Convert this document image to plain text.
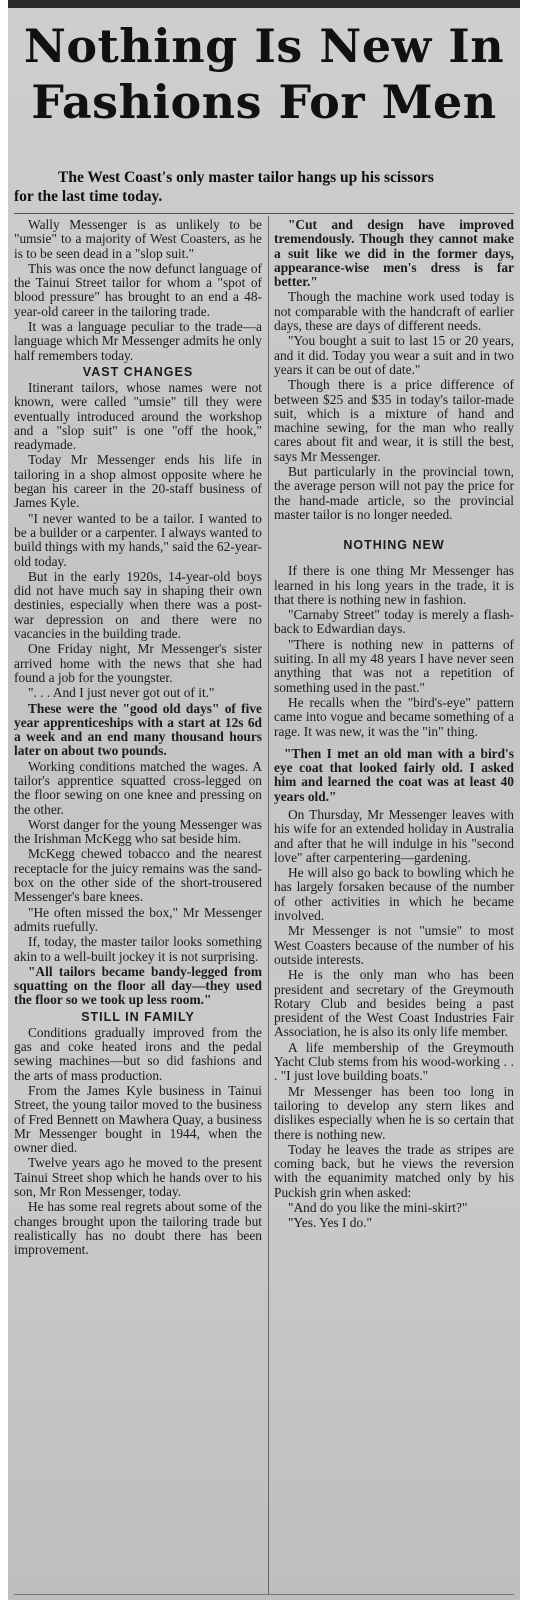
Nothing Is New In
Fashions For Men
The West Coast's only master tailor hangs up his scissors
for the last time today.

Wally Messenger is as unlikely to be "umsie" to a majority of West Coasters, as he is to be seen dead in a "slop suit."

This was once the now defunct language of the Tainui Street tailor for whom a "spot of blood pressure" has brought to an end a 48-year-old career in the tailoring trade.

It was a language peculiar to the trade—a language which Mr Messenger admits he only half remembers today.

VAST CHANGES

Itinerant tailors, whose names were not known, were called "umsie" till they were eventually introduced around the workshop and a "slop suit" is one "off the hook," readymade.

Today Mr Messenger ends his life in tailoring in a shop almost opposite where he began his career in the 20-staff business of James Kyle.

"I never wanted to be a tailor. I wanted to be a builder or a carpenter. I always wanted to build things with my hands," said the 62-year-old today.

But in the early 1920s, 14-year-old boys did not have much say in shaping their own destinies, especially when there was a post-war depression on and there were no vacancies in the building trade.

One Friday night, Mr Messenger's sister arrived home with the news that she had found a job for the youngster.

". . . And I just never got out of it."

These were the "good old days" of five year apprenticeships with a start at 12s 6d a week and an end many thousand hours later on about two pounds.

Working conditions matched the wages. A tailor's apprentice squatted cross-legged on the floor sewing on one knee and pressing on the other.

Worst danger for the young Messenger was the Irishman McKegg who sat beside him.

McKegg chewed tobacco and the nearest receptacle for the juicy remains was the sand-box on the other side of the short-trousered Messenger's bare knees.

"He often missed the box," Mr Messenger admits ruefully.

If, today, the master tailor looks something akin to a well-built jockey it is not surprising.

"All tailors became bandy-legged from squatting on the floor all day—they used the floor so we took up less room."

STILL IN FAMILY

Conditions gradually improved from the gas and coke heated irons and the pedal sewing machines—but so did fashions and the arts of mass production.

From the James Kyle business in Tainui Street, the young tailor moved to the business of Fred Bennett on Mawhera Quay, a business Mr Messenger bought in 1944, when the owner died.

Twelve years ago he moved to the present Tainui Street shop which he hands over to his son, Mr Ron Messenger, today.

He has some real regrets about some of the changes brought upon the tailoring trade but realistically has no doubt there has been improvement.

"Cut and design have improved tremendously. Though they cannot make a suit like we did in the former days, appearance-wise men's dress is far better."

Though the machine work used today is not comparable with the handcraft of earlier days, these are days of different needs.

"You bought a suit to last 15 or 20 years, and it did. Today you wear a suit and in two years it can be out of date."

Though there is a price difference of between $25 and $35 in today's tailor-made suit, which is a mixture of hand and machine sewing, for the man who really cares about fit and wear, it is still the best, says Mr Messenger.

But particularly in the provincial town, the average person will not pay the price for the hand-made article, so the provincial master tailor is no longer needed.

NOTHING NEW

If there is one thing Mr Messenger has learned in his long years in the trade, it is that there is nothing new in fashion.

"Carnaby Street" today is merely a flash-back to Edwardian days.

"There is nothing new in patterns of suiting. In all my 48 years I have never seen anything that was not a repetition of something used in the past."

He recalls when the "bird's-eye" pattern came into vogue and became something of a rage. It was new, it was the "in" thing.

"Then I met an old man with a bird's eye coat that looked fairly old. I asked him and learned the coat was at least 40 years old."

On Thursday, Mr Messenger leaves with his wife for an extended holiday in Australia and after that he will indulge in his "second love" after carpentering—gardening.

He will also go back to bowling which he has largely forsaken because of the number of other activities in which he became involved.

Mr Messenger is not "umsie" to most West Coasters because of the number of his outside interests.

He is the only man who has been president and secretary of the Greymouth Rotary Club and besides being a past president of the West Coast Industries Fair Association, he is also its only life member.

A life membership of the Greymouth Yacht Club stems from his wood-working . . . "I just love building boats."

Mr Messenger has been too long in tailoring to develop any stern likes and dislikes especially when he is so certain that there is nothing new.

Today he leaves the trade as stripes are coming back, but he views the reversion with the equanimity matched only by his Puckish grin when asked:

"And do you like the mini-skirt?"

"Yes. Yes I do."
